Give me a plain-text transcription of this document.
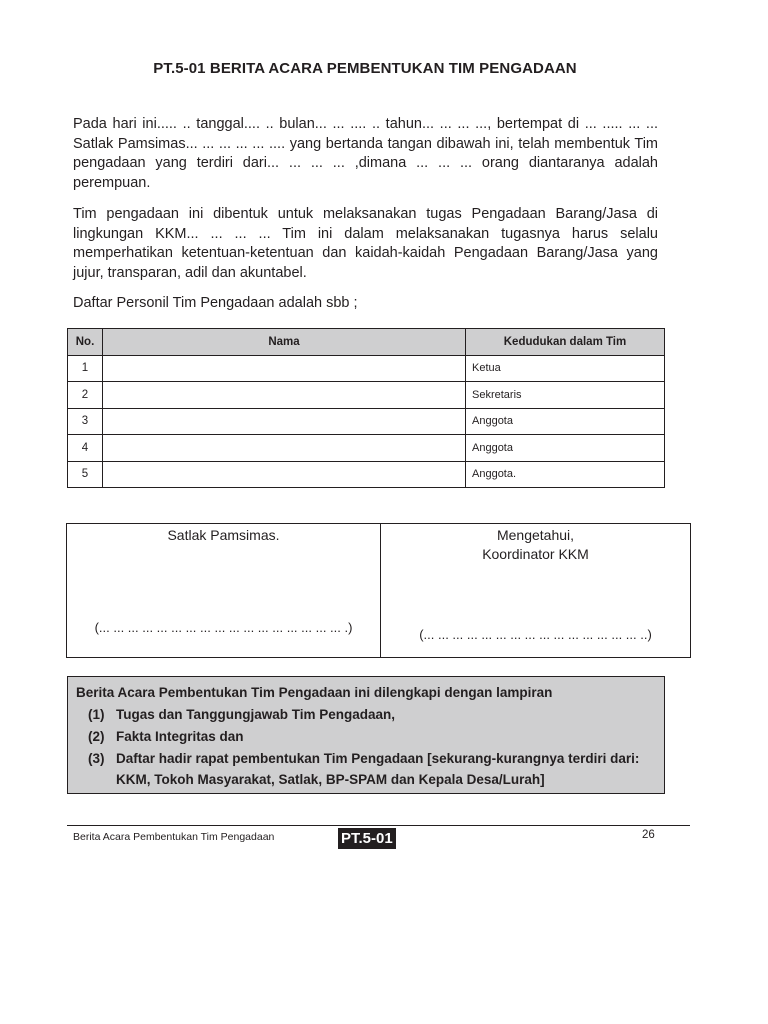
PT.5-01 BERITA ACARA PEMBENTUKAN TIM PENGADAAN
Pada hari ini..... .. tanggal.... .. bulan... ... .... .. tahun... ... ... ..., bertempat di ... ..... ... ... Satlak Pamsimas... ... ... ... ... .... yang bertanda tangan dibawah ini, telah membentuk Tim pengadaan yang terdiri dari... ... ... ... ,dimana ... ... ... orang diantaranya adalah perempuan.
Tim pengadaan ini dibentuk untuk melaksanakan tugas Pengadaan Barang/Jasa di lingkungan KKM... ... ... ... Tim ini dalam melaksanakan tugasnya harus selalu memperhatikan ketentuan-ketentuan dan kaidah-kaidah Pengadaan Barang/Jasa yang jujur, transparan, adil dan akuntabel.
Daftar Personil Tim Pengadaan adalah sbb ;
No.	Nama	Kedudukan dalam Tim
1		Ketua
2		Sekretaris
3		Anggota
4		Anggota
5		Anggota.
Satlak Pamsimas.
(... ... ... ... ... ... ... ... ... ... ... ... ... ... ... ... ... .)
Mengetahui,
Koordinator KKM
(... ... ... ... ... ... ... ... ... ... ... ... ... ... ... ..)
Berita Acara Pembentukan Tim Pengadaan ini dilengkapi dengan lampiran
(1) Tugas dan Tanggungjawab Tim Pengadaan,
(2) Fakta Integritas dan
(3) Daftar hadir rapat pembentukan Tim Pengadaan [sekurang-kurangnya terdiri dari: KKM, Tokoh Masyarakat, Satlak, BP-SPAM dan Kepala Desa/Lurah]
Berita Acara Pembentukan Tim Pengadaan	PT.5-01	26
